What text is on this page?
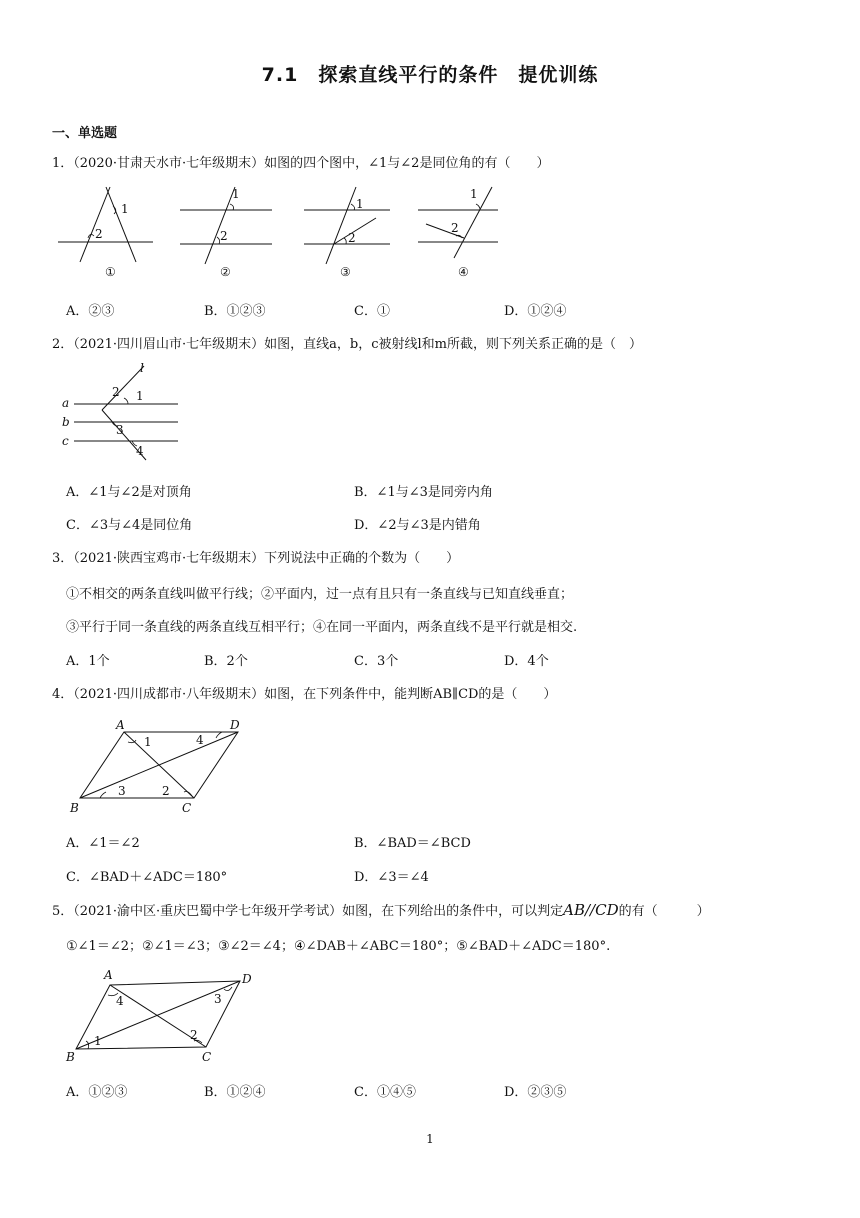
7.1　探索直线平行的条件　提优训练
一、单选题
1．（2020·甘肃天水市·七年级期末）如图的四个图中，∠1与∠2是同位角的有（　　）
1
2
①
1
2
②
1
2
③
1
2
④
A．②③	B．①②③	C．①	D．①②④
2．（2021·四川眉山市·七年级期末）如图，直线a，b，c被射线l和m所截，则下列关系正确的是（　）
l
a
b
c
2 1
3
4
A．∠1与∠2是对顶角	B．∠1与∠3是同旁内角
C．∠3与∠4是同位角	D．∠2与∠3是内错角
3．（2021·陕西宝鸡市·七年级期末）下列说法中正确的个数为（　　）
①不相交的两条直线叫做平行线；②平面内，过一点有且只有一条直线与已知直线垂直；
③平行于同一条直线的两条直线互相平行；④在同一平面内，两条直线不是平行就是相交.
A．1个	B．2个	C．3个	D．4个
4．（2021·四川成都市·八年级期末）如图，在下列条件中，能判断AB∥CD的是（　　）
A	D
B	C
1	4
3	2
A．∠1＝∠2	B．∠BAD＝∠BCD
C．∠BAD＋∠ADC＝180°	D．∠3＝∠4
5．（2021·渝中区·重庆巴蜀中学七年级开学考试）如图，在下列给出的条件中，可以判定AB//CD的有（　　　）
①∠1＝∠2；②∠1＝∠3；③∠2＝∠4；④∠DAB＋∠ABC＝180°；⑤∠BAD＋∠ADC＝180°.
A	D
B	C
4	3
1	2
A．①②③	B．①②④	C．①④⑤	D．②③⑤
1
